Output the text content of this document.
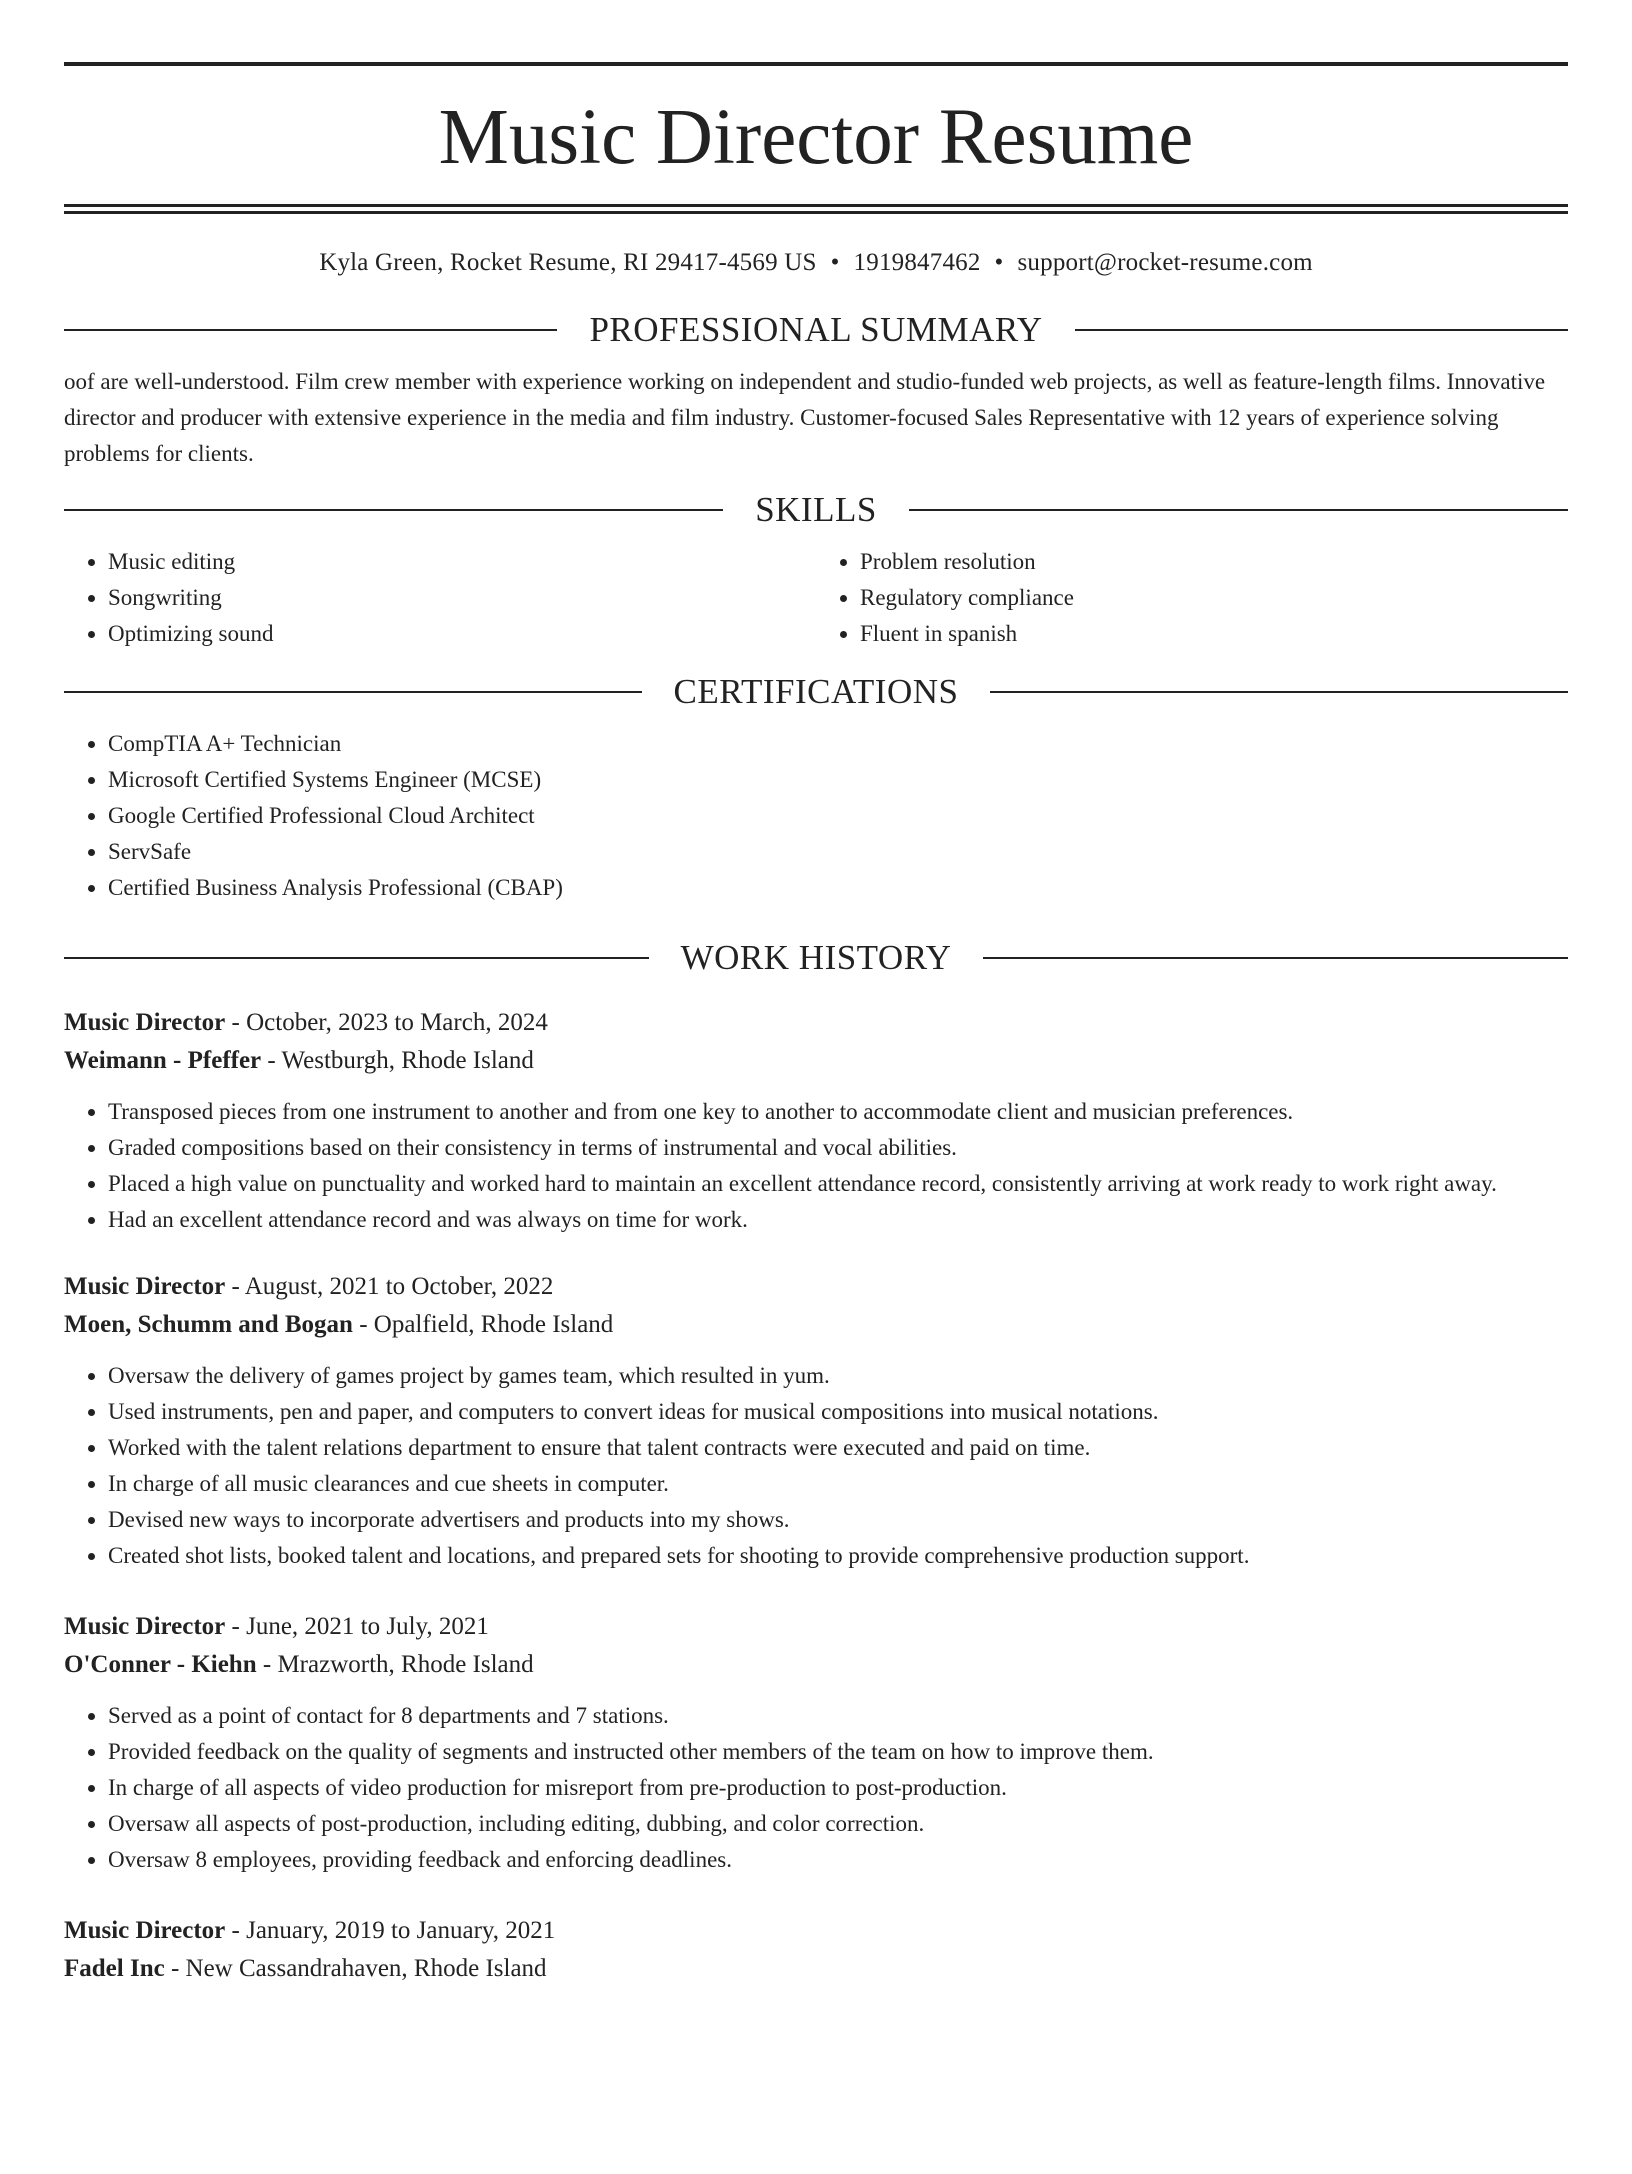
Music Director Resume
Kyla Green, Rocket Resume, RI 29417-4569 US • 1919847462 • support@rocket-resume.com
PROFESSIONAL SUMMARY

oof are well-understood. Film crew member with experience working on independent and studio-funded web projects, as well as feature-length films. Innovative director and producer with extensive experience in the media and film industry. Customer-focused Sales Representative with 12 years of experience solving problems for clients.

SKILLS
• Music editing
• Songwriting
• Optimizing sound
• Problem resolution
• Regulatory compliance
• Fluent in spanish
CERTIFICATIONS
• CompTIA A+ Technician
• Microsoft Certified Systems Engineer (MCSE)
• Google Certified Professional Cloud Architect
• ServSafe
• Certified Business Analysis Professional (CBAP)
WORK HISTORY
Music Director - October, 2023 to March, 2024
Weimann - Pfeffer - Westburgh, Rhode Island
• Transposed pieces from one instrument to another and from one key to another to accommodate client and musician preferences.
• Graded compositions based on their consistency in terms of instrumental and vocal abilities.
• Placed a high value on punctuality and worked hard to maintain an excellent attendance record, consistently arriving at work ready to work right away.
• Had an excellent attendance record and was always on time for work.
Music Director - August, 2021 to October, 2022
Moen, Schumm and Bogan - Opalfield, Rhode Island
• Oversaw the delivery of games project by games team, which resulted in yum.
• Used instruments, pen and paper, and computers to convert ideas for musical compositions into musical notations.
• Worked with the talent relations department to ensure that talent contracts were executed and paid on time.
• In charge of all music clearances and cue sheets in computer.
• Devised new ways to incorporate advertisers and products into my shows.
• Created shot lists, booked talent and locations, and prepared sets for shooting to provide comprehensive production support.
Music Director - June, 2021 to July, 2021
O'Conner - Kiehn - Mrazworth, Rhode Island
• Served as a point of contact for 8 departments and 7 stations.
• Provided feedback on the quality of segments and instructed other members of the team on how to improve them.
• In charge of all aspects of video production for misreport from pre-production to post-production.
• Oversaw all aspects of post-production, including editing, dubbing, and color correction.
• Oversaw 8 employees, providing feedback and enforcing deadlines.
Music Director - January, 2019 to January, 2021
Fadel Inc - New Cassandrahaven, Rhode Island
